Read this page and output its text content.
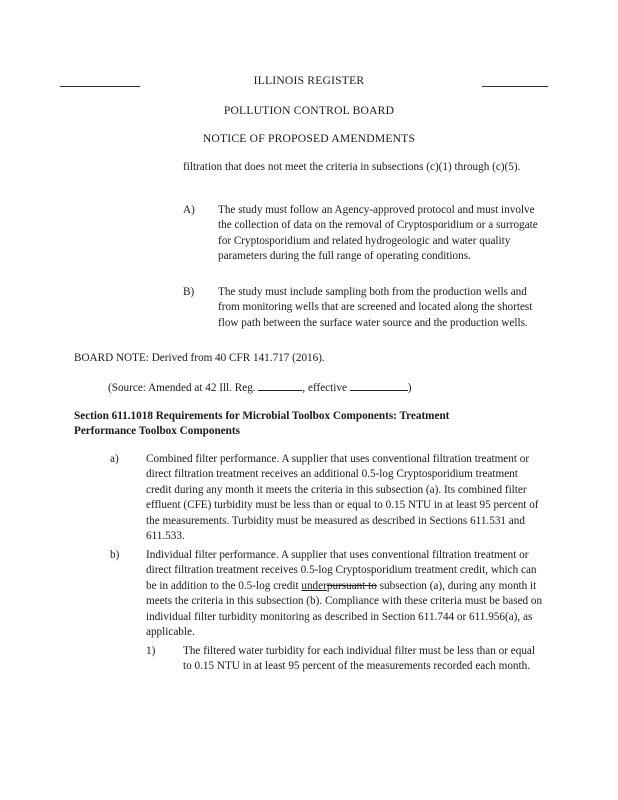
ILLINOIS REGISTER
POLLUTION CONTROL BOARD
NOTICE OF PROPOSED AMENDMENTS

filtration that does not meet the criteria in subsections (c)(1) through (c)(5).

A) The study must follow an Agency-approved protocol and must involve the collection of data on the removal of Cryptosporidium or a surrogate for Cryptosporidium and related hydrogeologic and water quality parameters during the full range of operating conditions.

B) The study must include sampling both from the production wells and from monitoring wells that are screened and located along the shortest flow path between the surface water source and the production wells.

BOARD NOTE: Derived from 40 CFR 141.717 (2016).
(Source: Amended at 42 Ill. Reg.	, effective	)
Section 611.1018 Requirements for Microbial Toolbox Components: Treatment Performance Toolbox Components
a) Combined filter performance. A supplier that uses conventional filtration treatment or direct filtration treatment receives an additional 0.5-log Cryptosporidium treatment credit during any month it meets the criteria in this subsection (a). Its combined filter effluent (CFE) turbidity must be less than or equal to 0.15 NTU in at least 95 percent of the measurements. Turbidity must be measured as described in Sections 611.531 and 611.533.

b) Individual filter performance. A supplier that uses conventional filtration treatment or direct filtration treatment receives 0.5-log Cryptosporidium treatment credit, which can be in addition to the 0.5-log credit underpursuant to subsection (a), during any month it meets the criteria in this subsection (b). Compliance with these criteria must be based on individual filter turbidity monitoring as described in Section 611.744 or 611.956(a), as applicable.

1) The filtered water turbidity for each individual filter must be less than or equal to 0.15 NTU in at least 95 percent of the measurements recorded each month.
